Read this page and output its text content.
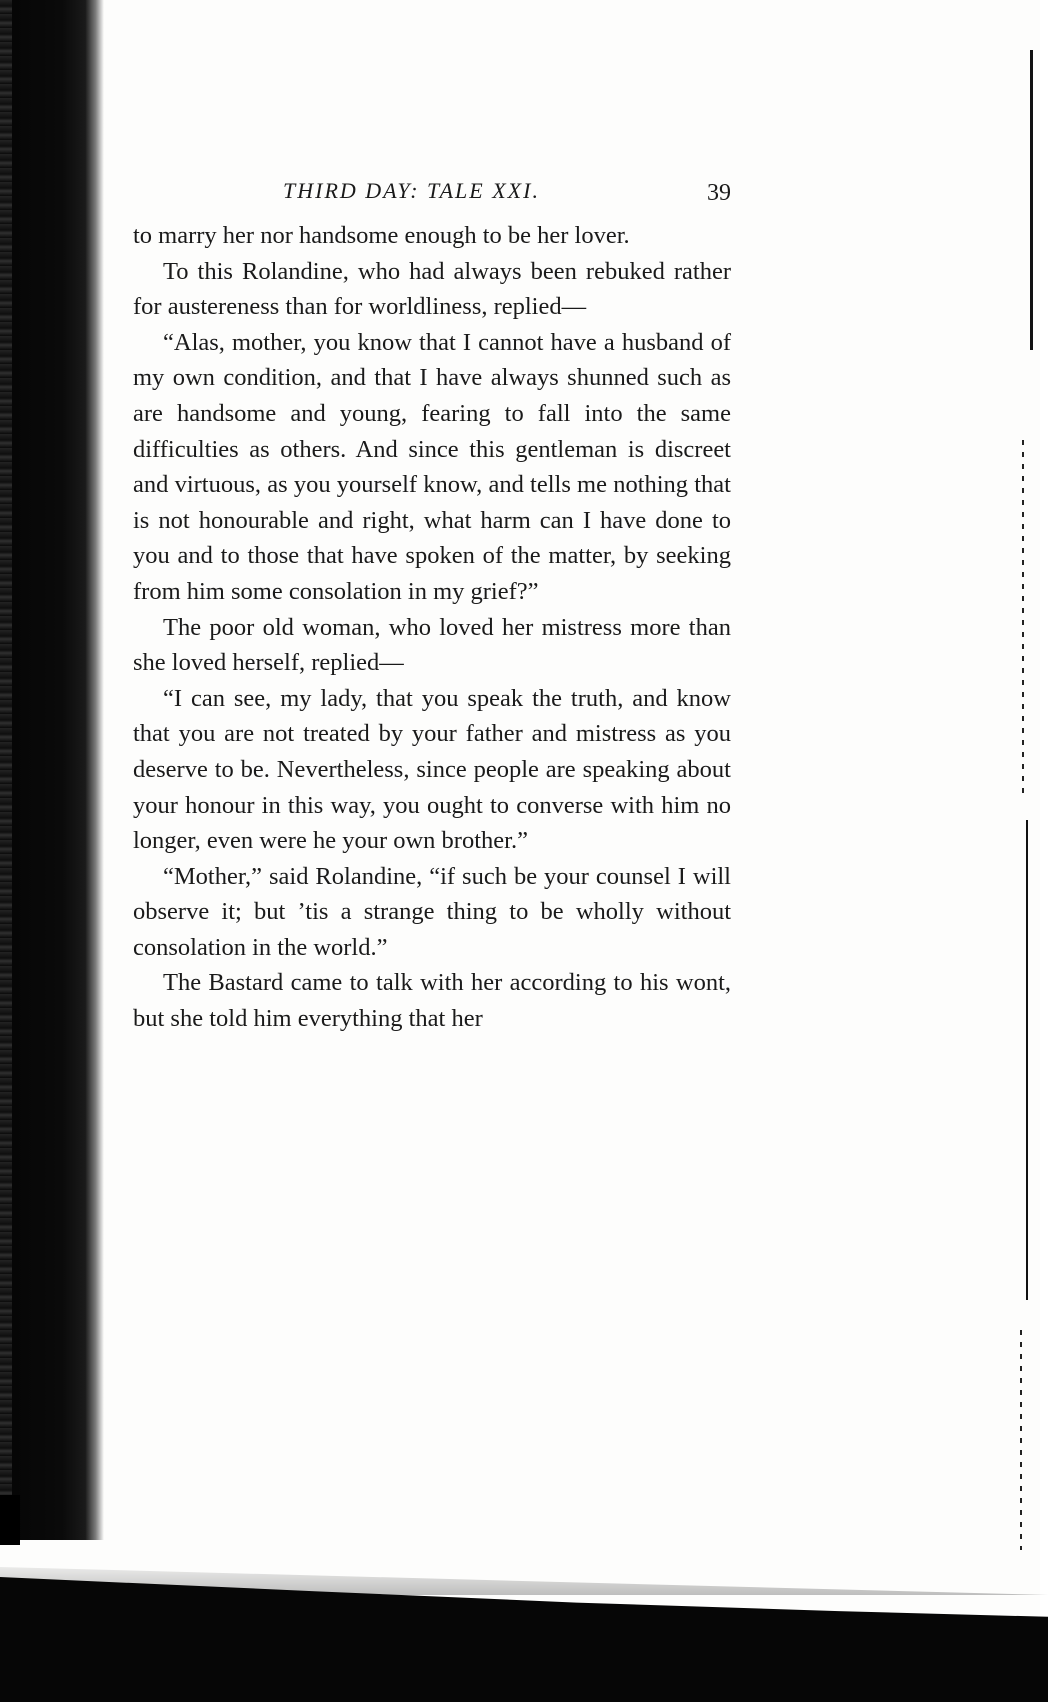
THIRD DAY: TALE XXI.	39

to marry her nor handsome enough to be her lover.

To this Rolandine, who had always been rebuked rather for austereness than for worldliness, replied—

“Alas, mother, you know that I cannot have a husband of my own condition, and that I have always shunned such as are handsome and young, fearing to fall into the same difficulties as others. And since this gentleman is discreet and virtuous, as you yourself know, and tells me nothing that is not honourable and right, what harm can I have done to you and to those that have spoken of the matter, by seeking from him some consolation in my grief?”

The poor old woman, who loved her mistress more than she loved herself, replied—

“I can see, my lady, that you speak the truth, and know that you are not treated by your father and mistress as you deserve to be. Nevertheless, since people are speaking about your honour in this way, you ought to converse with him no longer, even were he your own brother.”

“Mother,” said Rolandine, “if such be your counsel I will observe it; but ’tis a strange thing to be wholly without consolation in the world.”

The Bastard came to talk with her according to his wont, but she told him everything that her
